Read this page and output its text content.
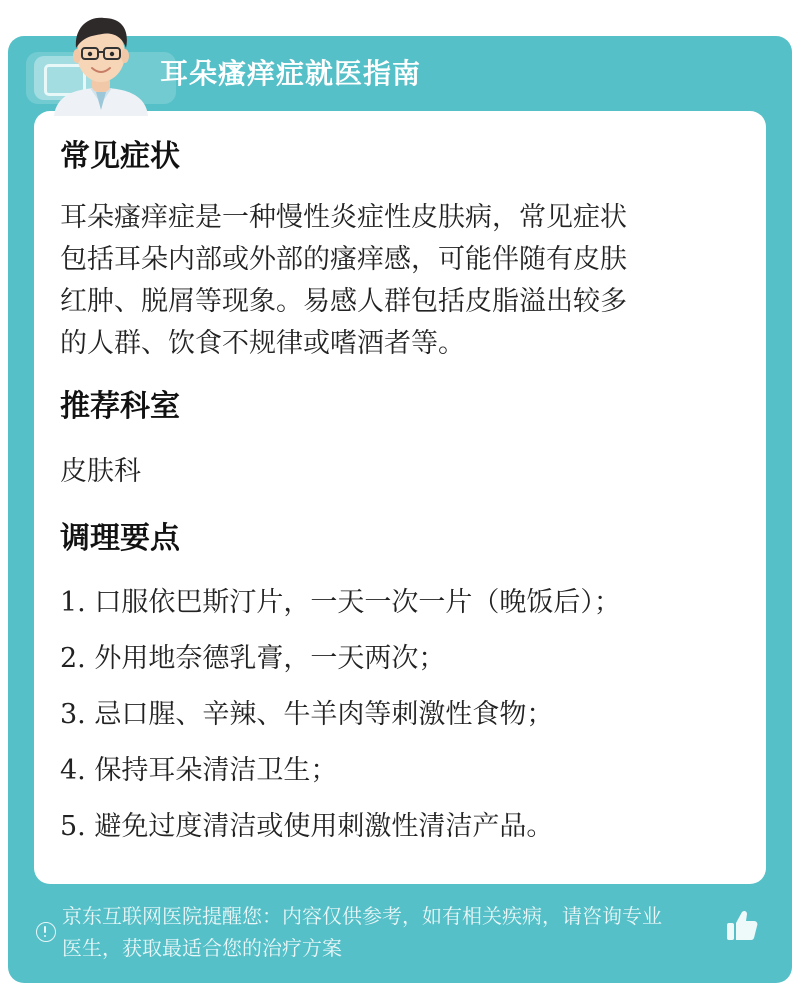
耳朵瘙痒症就医指南
常见症状

耳朵瘙痒症是一种慢性炎症性皮肤病，常见症状
包括耳朵内部或外部的瘙痒感，可能伴随有皮肤
红肿、脱屑等现象。易感人群包括皮脂溢出较多
的人群、饮食不规律或嗜酒者等。

推荐科室

皮肤科

调理要点
1. 口服依巴斯汀片，一天一次一片（晚饭后）；
2. 外用地奈德乳膏，一天两次；
3. 忌口腥、辛辣、牛羊肉等刺激性食物；
4. 保持耳朵清洁卫生；
5. 避免过度清洁或使用刺激性清洁产品。
京东互联网医院提醒您：内容仅供参考，如有相关疾病，请咨询专业
医生，获取最适合您的治疗方案
